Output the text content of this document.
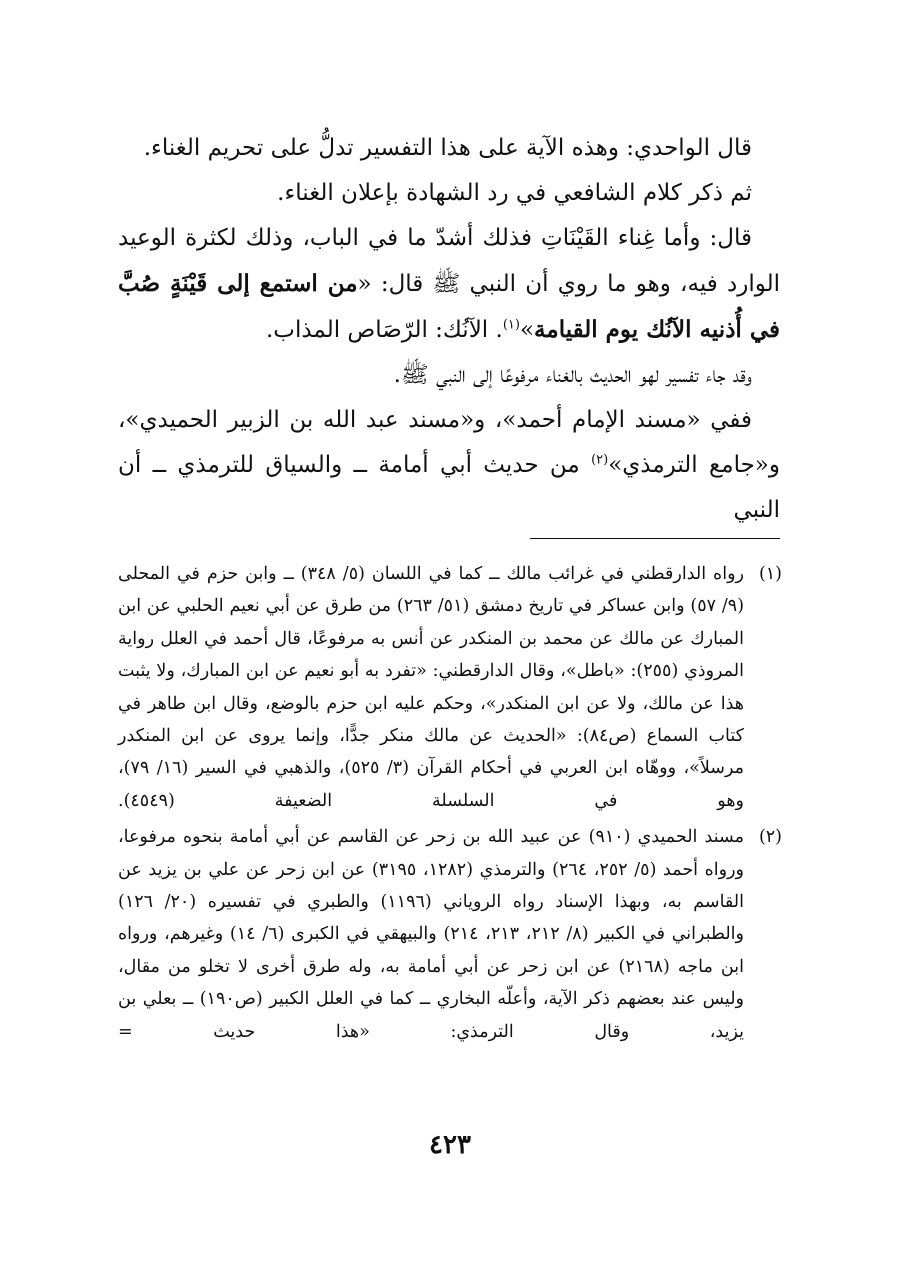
قال الواحدي: وهذه الآية على هذا التفسير تدلُّ على تحريم الغناء.

ثم ذكر كلام الشافعي في رد الشهادة بإعلان الغناء.

قال: وأما غِناء القَيْنَاتِ فذلك أشدّ ما في الباب، وذلك لكثرة الوعيد الوارد فيه، وهو ما روي أن النبي ﷺ قال: «من استمع إلى قَيْنَةٍ صُبَّ في أُذنيه الآنُك يوم القيامة»$^{(١)}$. الآنُك: الرّصَاص المذاب.

وقد جاء تفسير لهو الحديث بالغناء مرفوعًا إلى النبي ﷺ.

ففي «مسند الإمام أحمد»، و«مسند عبد الله بن الزبير الحميدي»، و«جامع الترمذي»$^{(٢)}$ من حديث أبي أمامة ــ والسياق للترمذي ــ أن النبي

(١)
رواه الدارقطني في غرائب مالك ــ كما في اللسان (٥/ ٣٤٨) ــ وابن حزم في المحلى (٩/ ٥٧) وابن عساكر في تاريخ دمشق (٥١/ ٢٦٣) من طرق عن أبي نعيم الحلبي عن ابن المبارك عن مالك عن محمد بن المنكدر عن أنس به مرفوعًا، قال أحمد في العلل رواية المروذي (٢٥٥): «باطل»، وقال الدارقطني: «تفرد به أبو نعيم عن ابن المبارك، ولا يثبت هذا عن مالك، ولا عن ابن المنكدر»، وحكم عليه ابن حزم بالوضع، وقال ابن طاهر في كتاب السماع (ص٨٤): «الحديث عن مالك منكر جدًّا، وإنما يروى عن ابن المنكدر مرسلاً»، ووهّاه ابن العربي في أحكام القرآن (٣/ ٥٢٥)، والذهبي في السير (١٦/ ٧٩)، وهو في السلسلة الضعيفة (٤٥٤٩).
(٢)
مسند الحميدي (٩١٠) عن عبيد الله بن زحر عن القاسم عن أبي أمامة بنحوه مرفوعا، ورواه أحمد (٥/ ٢٥٢، ٢٦٤) والترمذي (١٢٨٢، ٣١٩٥) عن ابن زحر عن علي بن يزيد عن القاسم به، وبهذا الإسناد رواه الروياني (١١٩٦) والطبري في تفسيره (٢٠/ ١٢٦) والطبراني في الكبير (٨/ ٢١٢، ٢١٣، ٢١٤) والبيهقي في الكبرى (٦/ ١٤) وغيرهم، ورواه ابن ماجه (٢١٦٨) عن ابن زحر عن أبي أمامة به، وله طرق أخرى لا تخلو من مقال، وليس عند بعضهم ذكر الآية، وأعلّه البخاري ــ كما في العلل الكبير (ص١٩٠) ــ بعلي بن يزيد، وقال الترمذي: «هذا حديث =
٤٢٣
